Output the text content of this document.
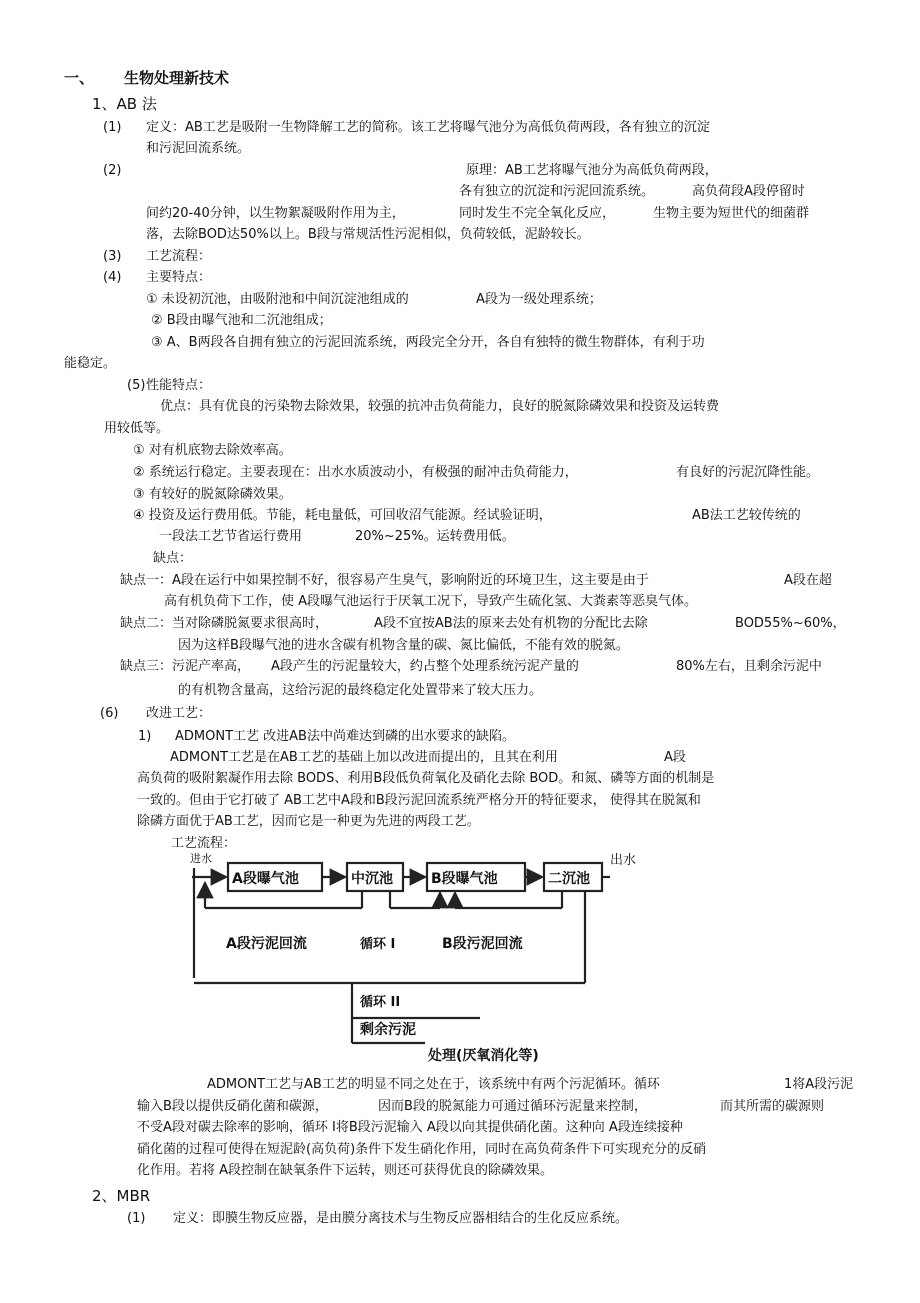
一、 生物处理新技术
1、AB 法
(1) 定义：AB工艺是吸附一生物降解工艺的简称。该工艺将曝气池分为高低负荷两段，各有独立的沉淀
和污泥回流系统。
(2)	原理：AB工艺将曝气池分为高低负荷两段，
各有独立的沉淀和污泥回流系统。	高负荷段A段停留时
间约20-40分钟，以生物絮凝吸附作用为主，	同时发生不完全氧化反应，	生物主要为短世代的细菌群
落，去除BOD达50%以上。B段与常规活性污泥相似，负荷较低，泥龄较长。
(3) 工艺流程：
(4) 主要特点：
① 未设初沉池，由吸附池和中间沉淀池组成的	A段为一级处理系统；
② B段由曝气池和二沉池组成；
③ A、B两段各自拥有独立的污泥回流系统，两段完全分开，各自有独特的微生物群体，有利于功
能稳定。
(5) 性能特点：
优点：具有优良的污染物去除效果，较强的抗冲击负荷能力，良好的脱氮除磷效果和投资及运转费
用较低等。
① 对有机底物去除效率高。
② 系统运行稳定。主要表现在：出水水质波动小，有极强的耐冲击负荷能力，	有良好的污泥沉降性能。
③ 有较好的脱氮除磷效果。
④ 投资及运行费用低。节能，耗电量低，可回收沼气能源。经试验证明，	AB法工艺较传统的
一段法工艺节省运行费用	20%~25%。运转费用低。
缺点：
缺点一：A段在运行中如果控制不好，很容易产生臭气，影响附近的环境卫生，这主要是由于	A段在超
高有机负荷下工作，使 A段曝气池运行于厌氧工况下，导致产生硫化氢、大粪素等恶臭气体。
缺点二：当对除磷脱氮要求很高时，	A段不宜按AB法的原来去处有机物的分配比去除	BOD55%~60%，
因为这样B段曝气池的进水含碳有机物含量的碳、氮比偏低，不能有效的脱氮。
缺点三：污泥产率高， A段产生的污泥量较大，约占整个处理系统污泥产量的	80%左右，且剩余污泥中
的有机物含量高，这给污泥的最终稳定化处置带来了较大压力。
(6) 改进工艺：
1) ADMONT工艺 改进AB法中尚难达到磷的出水要求的缺陷。
ADMONT工艺是在AB工艺的基础上加以改进而提出的，且其在利用	A段
高负荷的吸附絮凝作用去除 BODS、利用B段低负荷氧化及硝化去除 BOD。和氮、磷等方面的机制是
一致的。但由于它打破了 AB工艺中A段和B段污泥回流系统严格分开的特征要求， 使得其在脱氮和
除磷方面优于AB工艺，因而它是一种更为先进的两段工艺。
工艺流程：
A段曝气池	中沉池	B段曝气池	二沉池
进水	出水
A段污泥回流	循环 I	B段污泥回流
循环 II
剩余污泥
处理(厌氧消化等)
ADMONT工艺与AB工艺的明显不同之处在于，该系统中有两个污泥循环。循环	1将A段污泥
输入B段以提供反硝化菌和碳源，	因而B段的脱氮能力可通过循环污泥量来控制，	而其所需的碳源则
不受A段对碳去除率的影响，循环 I将B段污泥输入 A段以向其提供硝化菌。这种向 A段连续接种
硝化菌的过程可使得在短泥龄(高负荷)条件下发生硝化作用，同时在高负荷条件下可实现充分的反硝
化作用。若将 A段控制在缺氧条件下运转，则还可获得优良的除磷效果。
2、MBR
(1) 定义：即膜生物反应器，是由膜分离技术与生物反应器相结合的生化反应系统。
